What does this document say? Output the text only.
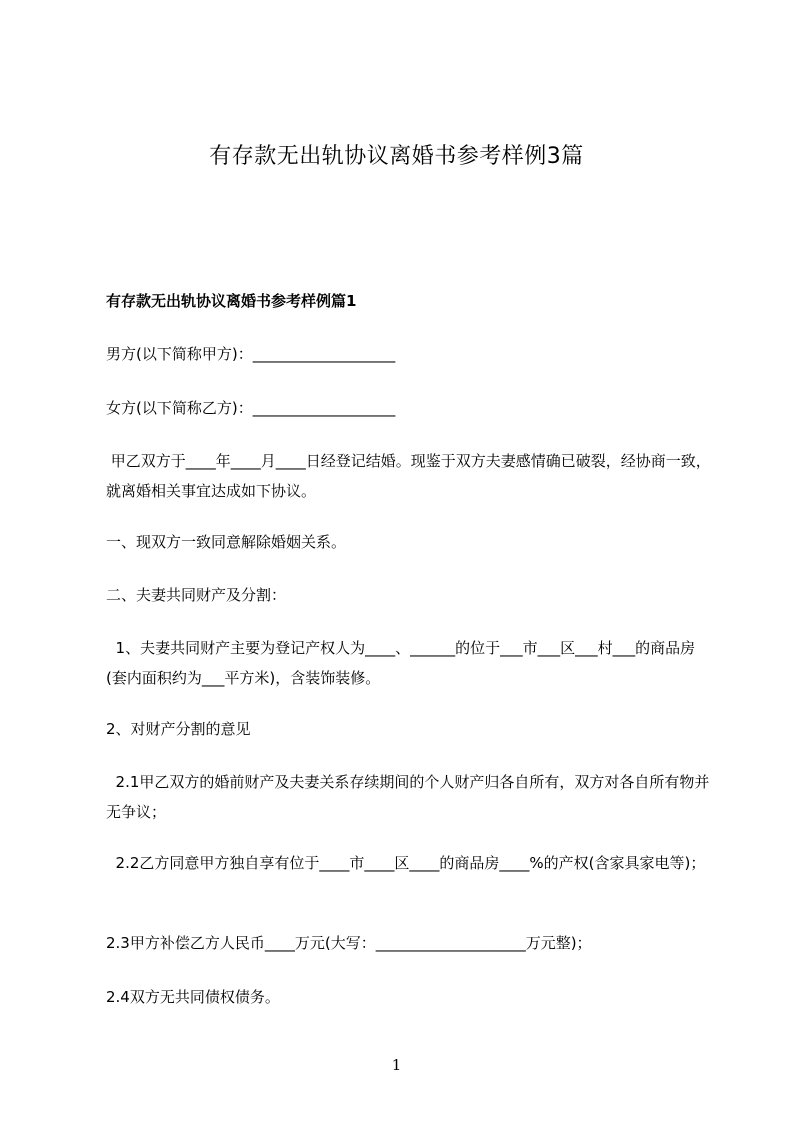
有存款无出轨协议离婚书参考样例3篇
有存款无出轨协议离婚书参考样例篇1
男方(以下简称甲方)：___________________
女方(以下简称乙方)：___________________
甲乙双方于____年____月____日经登记结婚。现鉴于双方夫妻感情确已破裂，经协商一致，就离婚相关事宜达成如下协议。
一、现双方一致同意解除婚姻关系。
二、夫妻共同财产及分割：
1、夫妻共同财产主要为登记产权人为____、______的位于___市___区___村___的商品房(套内面积约为___平方米)，含装饰装修。
2、对财产分割的意见
2.1甲乙双方的婚前财产及夫妻关系存续期间的个人财产归各自所有，双方对各自所有物并无争议；
2.2乙方同意甲方独自享有位于____市____区____的商品房____%的产权(含家具家电等)；
2.3甲方补偿乙方人民币____万元(大写：____________________万元整)；
2.4双方无共同债权债务。
1
